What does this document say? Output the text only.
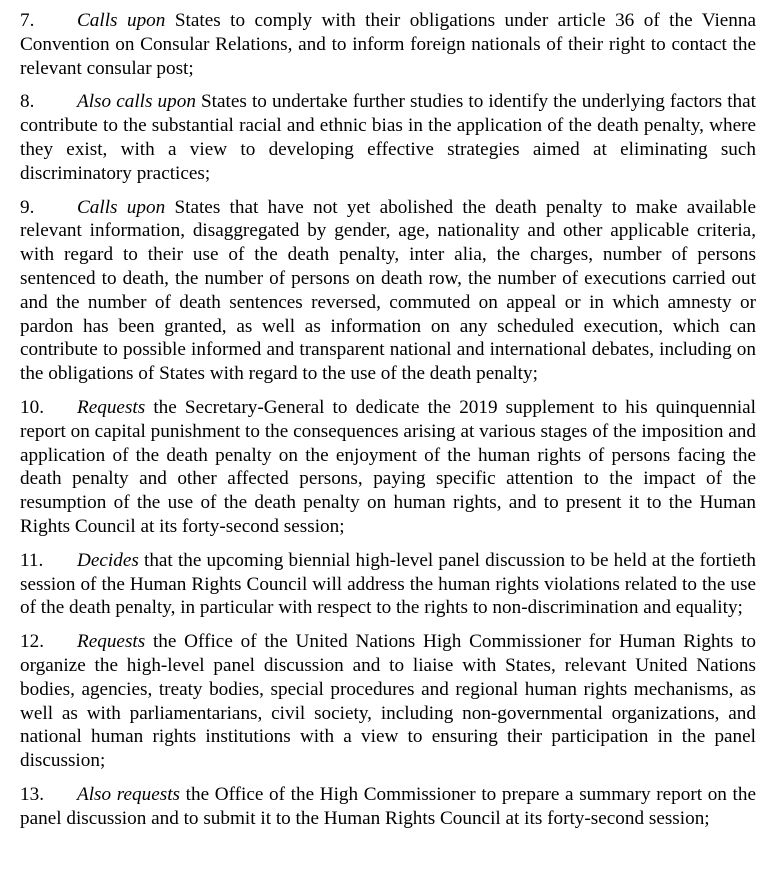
7. Calls upon States to comply with their obligations under article 36 of the Vienna Convention on Consular Relations, and to inform foreign nationals of their right to contact the relevant consular post;

8. Also calls upon States to undertake further studies to identify the underlying factors that contribute to the substantial racial and ethnic bias in the application of the death penalty, where they exist, with a view to developing effective strategies aimed at eliminating such discriminatory practices;

9. Calls upon States that have not yet abolished the death penalty to make available relevant information, disaggregated by gender, age, nationality and other applicable criteria, with regard to their use of the death penalty, inter alia, the charges, number of persons sentenced to death, the number of persons on death row, the number of executions carried out and the number of death sentences reversed, commuted on appeal or in which amnesty or pardon has been granted, as well as information on any scheduled execution, which can contribute to possible informed and transparent national and international debates, including on the obligations of States with regard to the use of the death penalty;

10. Requests the Secretary-General to dedicate the 2019 supplement to his quinquennial report on capital punishment to the consequences arising at various stages of the imposition and application of the death penalty on the enjoyment of the human rights of persons facing the death penalty and other affected persons, paying specific attention to the impact of the resumption of the use of the death penalty on human rights, and to present it to the Human Rights Council at its forty-second session;

11. Decides that the upcoming biennial high-level panel discussion to be held at the fortieth session of the Human Rights Council will address the human rights violations related to the use of the death penalty, in particular with respect to the rights to non-discrimination and equality;

12. Requests the Office of the United Nations High Commissioner for Human Rights to organize the high-level panel discussion and to liaise with States, relevant United Nations bodies, agencies, treaty bodies, special procedures and regional human rights mechanisms, as well as with parliamentarians, civil society, including non-governmental organizations, and national human rights institutions with a view to ensuring their participation in the panel discussion;

13. Also requests the Office of the High Commissioner to prepare a summary report on the panel discussion and to submit it to the Human Rights Council at its forty-second session;
